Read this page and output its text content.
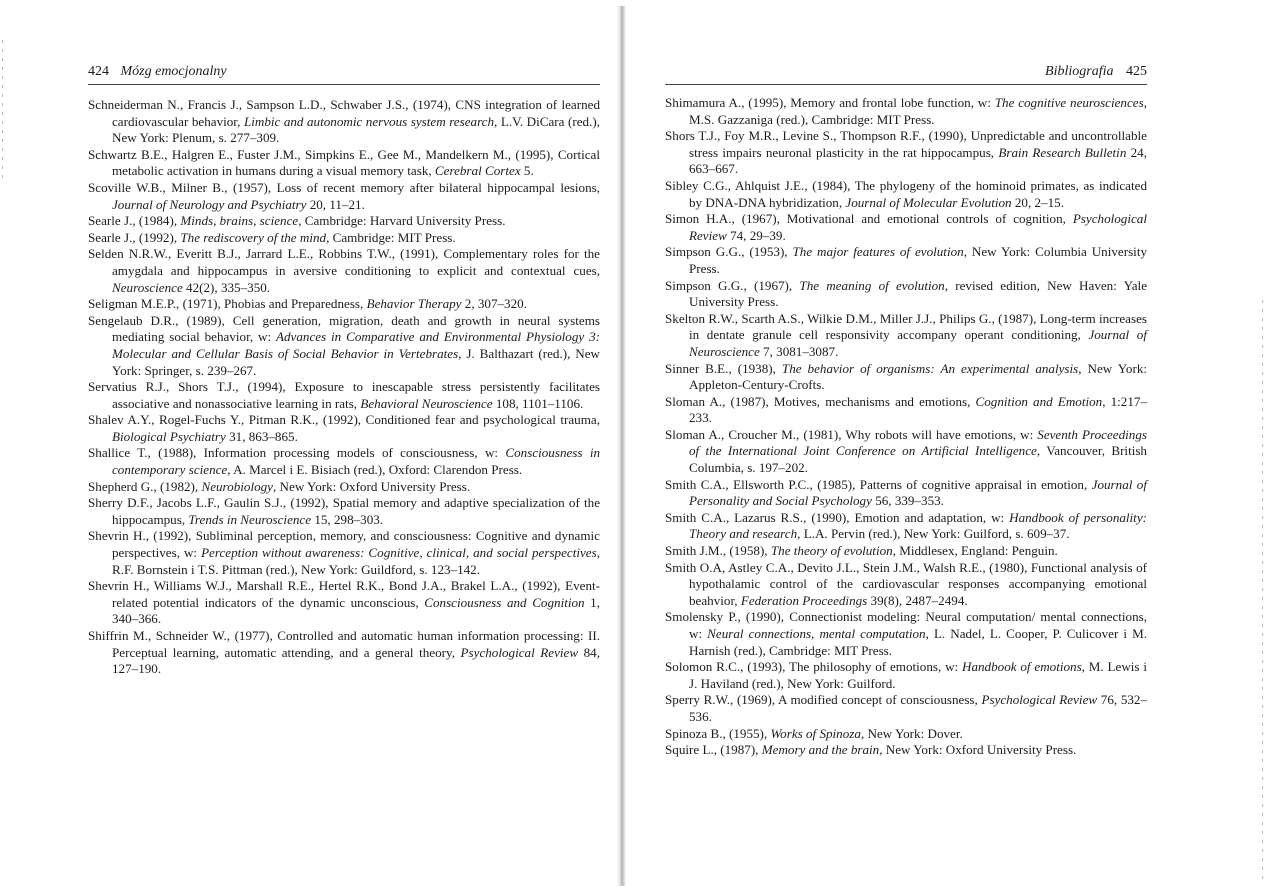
424 Mózg emocjonalny

Schneiderman N., Francis J., Sampson L.D., Schwaber J.S., (1974), CNS integration of learned cardiovascular behavior, Limbic and autonomic nervous system research, L.V. DiCara (red.), New York: Plenum, s. 277–309.

Schwartz B.E., Halgren E., Fuster J.M., Simpkins E., Gee M., Mandelkern M., (1995), Cortical metabolic activation in humans during a visual memory task, Cerebral Cortex 5.

Scoville W.B., Milner B., (1957), Loss of recent memory after bilateral hippocampal lesions, Journal of Neurology and Psychiatry 20, 11–21.

Searle J., (1984), Minds, brains, science, Cambridge: Harvard University Press.

Searle J., (1992), The rediscovery of the mind, Cambridge: MIT Press.

Selden N.R.W., Everitt B.J., Jarrard L.E., Robbins T.W., (1991), Complementary roles for the amygdala and hippocampus in aversive conditioning to explicit and contextual cues, Neuroscience 42(2), 335–350.

Seligman M.E.P., (1971), Phobias and Preparedness, Behavior Therapy 2, 307–320.

Sengelaub D.R., (1989), Cell generation, migration, death and growth in neural systems mediating social behavior, w: Advances in Comparative and Environmental Physiology 3: Molecular and Cellular Basis of Social Behavior in Vertebrates, J. Balthazart (red.), New York: Springer, s. 239–267.

Servatius R.J., Shors T.J., (1994), Exposure to inescapable stress persistently facilitates associative and nonassociative learning in rats, Behavioral Neuroscience 108, 1101–1106.

Shalev A.Y., Rogel-Fuchs Y., Pitman R.K., (1992), Conditioned fear and psychological trauma, Biological Psychiatry 31, 863–865.

Shallice T., (1988), Information processing models of consciousness, w: Consciousness in contemporary science, A. Marcel i E. Bisiach (red.), Oxford: Clarendon Press.

Shepherd G., (1982), Neurobiology, New York: Oxford University Press.

Sherry D.F., Jacobs L.F., Gaulin S.J., (1992), Spatial memory and adaptive specialization of the hippocampus, Trends in Neuroscience 15, 298–303.

Shevrin H., (1992), Subliminal perception, memory, and consciousness: Cognitive and dynamic perspectives, w: Perception without awareness: Cognitive, clinical, and social perspectives, R.F. Bornstein i T.S. Pittman (red.), New York: Guildford, s. 123–142.

Shevrin H., Williams W.J., Marshall R.E., Hertel R.K., Bond J.A., Brakel L.A., (1992), Event-related potential indicators of the dynamic unconscious, Consciousness and Cognition 1, 340–366.

Shiffrin M., Schneider W., (1977), Controlled and automatic human information processing: II. Perceptual learning, automatic attending, and a general theory, Psychological Review 84, 127–190.

Bibliografia 425

Shimamura A., (1995), Memory and frontal lobe function, w: The cognitive neurosciences, M.S. Gazzaniga (red.), Cambridge: MIT Press.

Shors T.J., Foy M.R., Levine S., Thompson R.F., (1990), Unpredictable and uncontrollable stress impairs neuronal plasticity in the rat hippocampus, Brain Research Bulletin 24, 663–667.

Sibley C.G., Ahlquist J.E., (1984), The phylogeny of the hominoid primates, as indicated by DNA-DNA hybridization, Journal of Molecular Evolution 20, 2–15.

Simon H.A., (1967), Motivational and emotional controls of cognition, Psychological Review 74, 29–39.

Simpson G.G., (1953), The major features of evolution, New York: Columbia University Press.

Simpson G.G., (1967), The meaning of evolution, revised edition, New Haven: Yale University Press.

Skelton R.W., Scarth A.S., Wilkie D.M., Miller J.J., Philips G., (1987), Long-term increases in dentate granule cell responsivity accompany operant conditioning, Journal of Neuroscience 7, 3081–3087.

Sinner B.E., (1938), The behavior of organisms: An experimental analysis, New York: Appleton-Century-Crofts.

Sloman A., (1987), Motives, mechanisms and emotions, Cognition and Emotion, 1:217–233.

Sloman A., Croucher M., (1981), Why robots will have emotions, w: Seventh Proceedings of the International Joint Conference on Artificial Intelligence, Vancouver, British Columbia, s. 197–202.

Smith C.A., Ellsworth P.C., (1985), Patterns of cognitive appraisal in emotion, Journal of Personality and Social Psychology 56, 339–353.

Smith C.A., Lazarus R.S., (1990), Emotion and adaptation, w: Handbook of personality: Theory and research, L.A. Pervin (red.), New York: Guilford, s. 609–37.

Smith J.M., (1958), The theory of evolution, Middlesex, England: Penguin.

Smith O.A, Astley C.A., Devito J.L., Stein J.M., Walsh R.E., (1980), Functional analysis of hypothalamic control of the cardiovascular responses accompanying emotional beahvior, Federation Proceedings 39(8), 2487–2494.

Smolensky P., (1990), Connectionist modeling: Neural computation/ mental connections, w: Neural connections, mental computation, L. Nadel, L. Cooper, P. Culicover i M. Harnish (red.), Cambridge: MIT Press.

Solomon R.C., (1993), The philosophy of emotions, w: Handbook of emotions, M. Lewis i J. Haviland (red.), New York: Guilford.

Sperry R.W., (1969), A modified concept of consciousness, Psychological Review 76, 532–536.

Spinoza B., (1955), Works of Spinoza, New York: Dover.

Squire L., (1987), Memory and the brain, New York: Oxford University Press.
